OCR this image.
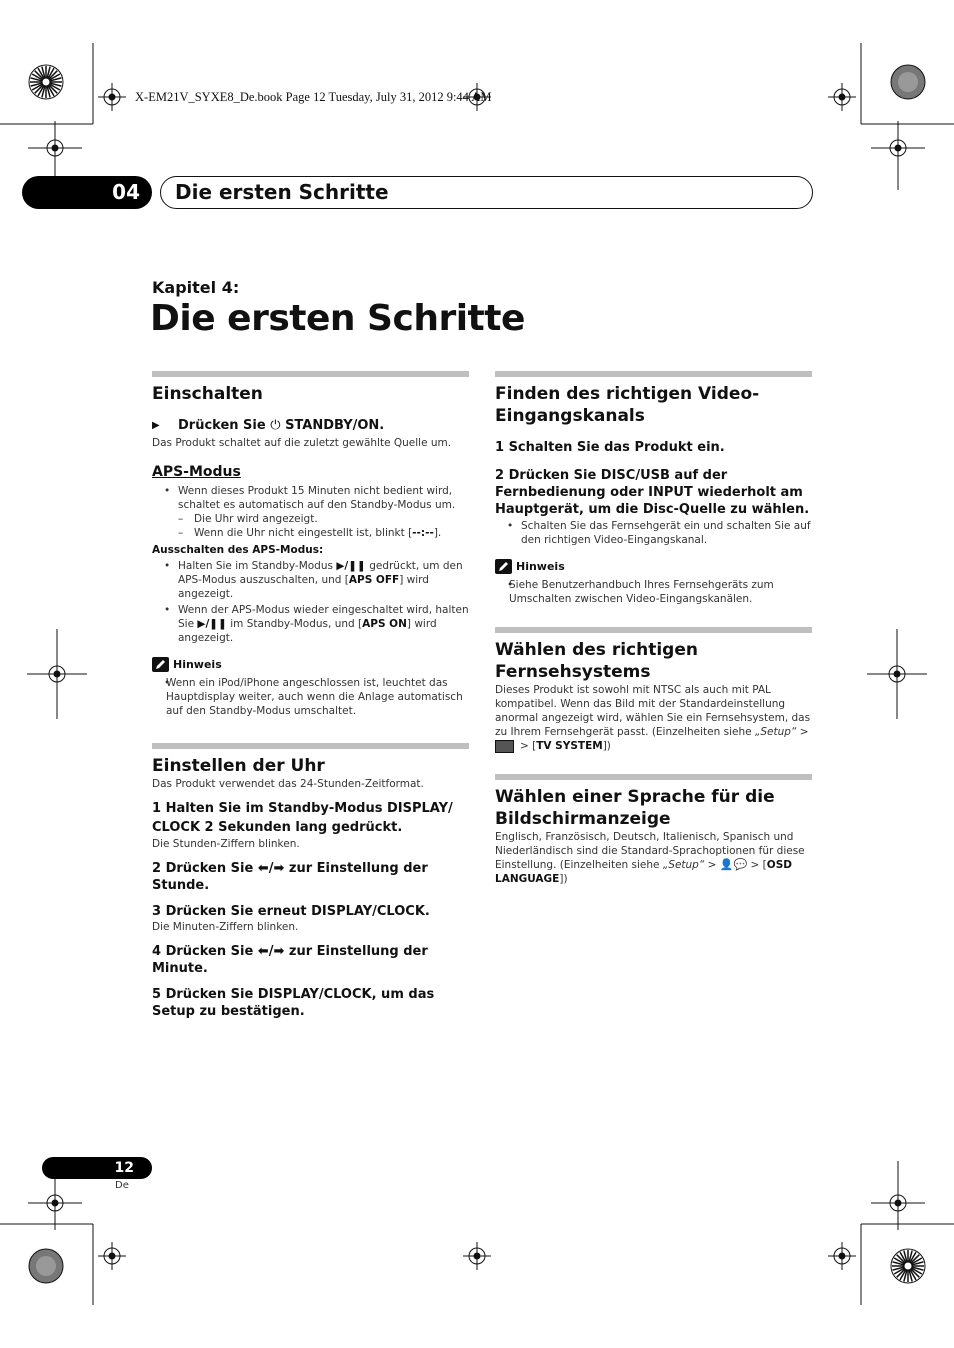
X-EM21V_SYXE8_De.book Page 12 Tuesday, July 31, 2012 9:44 AM
04	Die ersten Schritte
Kapitel 4:
Die ersten Schritte
Einschalten
▶ Drücken Sie ⏻ STANDBY/ON.
Das Produkt schaltet auf die zuletzt gewählte Quelle um.
APS-Modus
• Wenn dieses Produkt 15 Minuten nicht bedient wird, schaltet es automatisch auf den Standby-Modus um.
– Die Uhr wird angezeigt.
– Wenn die Uhr nicht eingestellt ist, blinkt [--:--].
Ausschalten des APS-Modus:
• Halten Sie im Standby-Modus ▶/❚❚ gedrückt, um den APS-Modus auszuschalten, und [APS OFF] wird angezeigt.
• Wenn der APS-Modus wieder eingeschaltet wird, halten Sie ▶/❚❚ im Standby-Modus, und [APS ON] wird angezeigt.
Hinweis
• Wenn ein iPod/iPhone angeschlossen ist, leuchtet das Hauptdisplay weiter, auch wenn die Anlage automatisch auf den Standby-Modus umschaltet.
Einstellen der Uhr
Das Produkt verwendet das 24-Stunden-Zeitformat.
1 Halten Sie im Standby-Modus DISPLAY/ CLOCK 2 Sekunden lang gedrückt.
Die Stunden-Ziffern blinken.
2 Drücken Sie ⬅/➡ zur Einstellung der Stunde.
3 Drücken Sie erneut DISPLAY/CLOCK.
Die Minuten-Ziffern blinken.
4 Drücken Sie ⬅/➡ zur Einstellung der Minute.
5 Drücken Sie DISPLAY/CLOCK, um das Setup zu bestätigen.
Finden des richtigen Video-Eingangskanals
1 Schalten Sie das Produkt ein.
2 Drücken Sie DISC/USB auf der Fernbedienung oder INPUT wiederholt am Hauptgerät, um die Disc-Quelle zu wählen.
• Schalten Sie das Fernsehgerät ein und schalten Sie auf den richtigen Video-Eingangskanal.
Hinweis
• Siehe Benutzerhandbuch Ihres Fernsehgeräts zum Umschalten zwischen Video-Eingangskanälen.
Wählen des richtigen Fernsehsystems
Dieses Produkt ist sowohl mit NTSC als auch mit PAL kompatibel. Wenn das Bild mit der Standardeinstellung anormal angezeigt wird, wählen Sie ein Fernsehsystem, das zu Ihrem Fernsehgerät passt. (Einzelheiten siehe „Setup“ >
> [TV SYSTEM])
Wählen einer Sprache für die Bildschirmanzeige
Englisch, Französisch, Deutsch, Italienisch, Spanisch und Niederländisch sind die Standard-Sprachoptionen für diese Einstellung. (Einzelheiten siehe „Setup“ > 👤💬 > [OSD LANGUAGE])
12
De
